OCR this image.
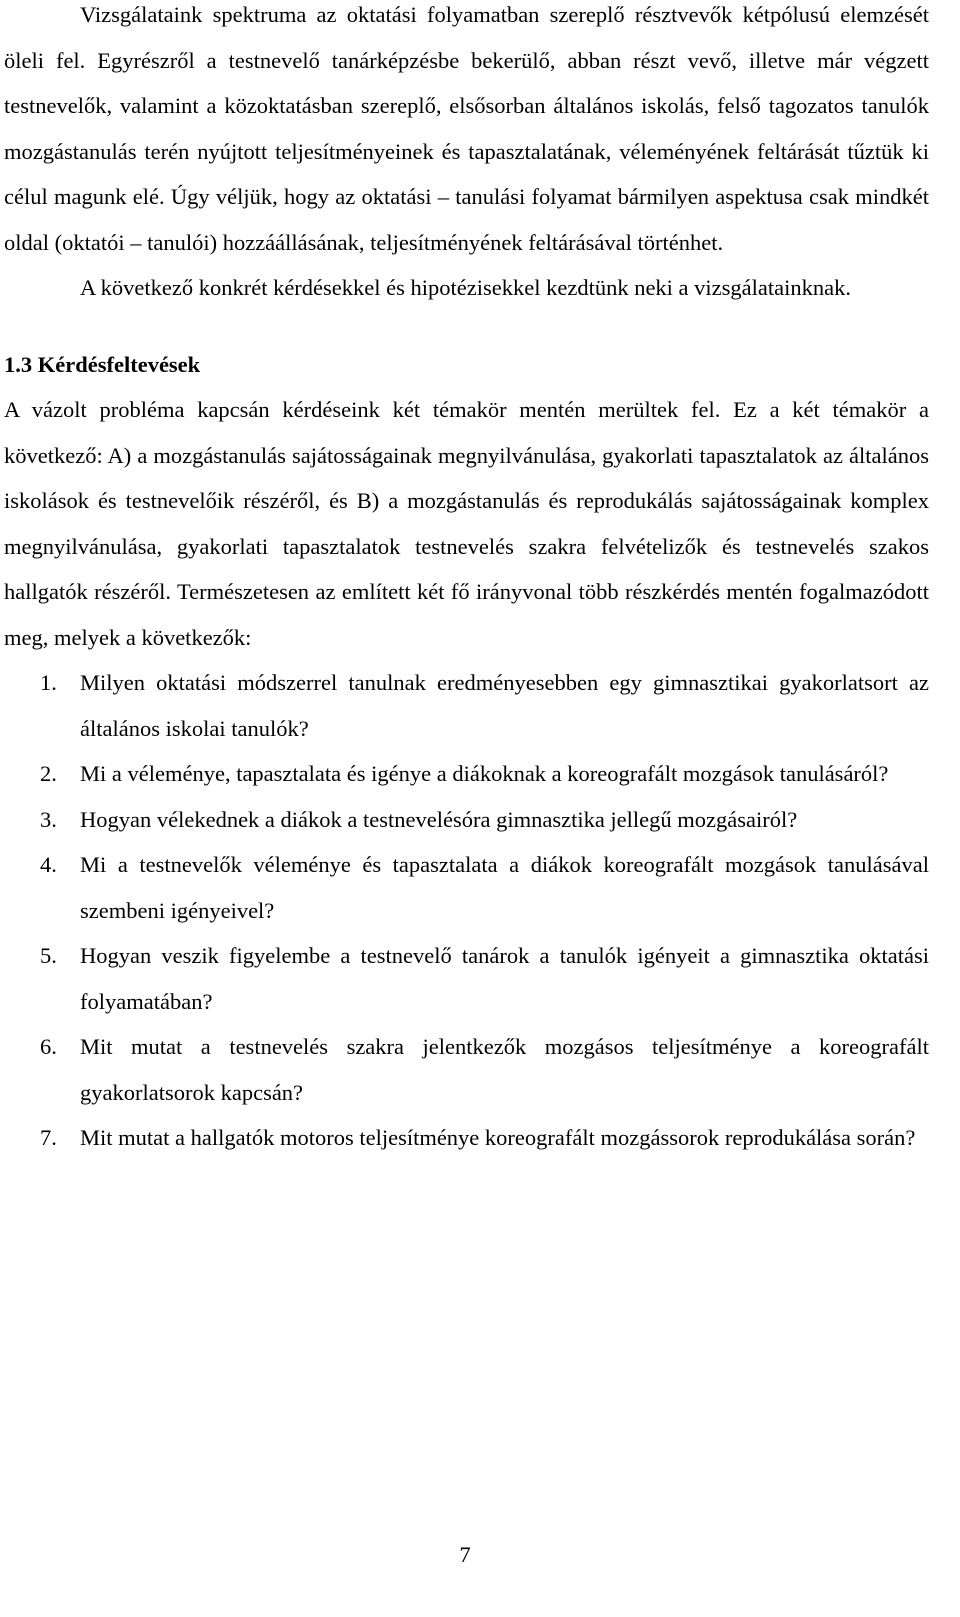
Vizsgálataink spektruma az oktatási folyamatban szereplő résztvevők kétpólusú elemzését öleli fel. Egyrészről a testnevelő tanárképzésbe bekerülő, abban részt vevő, illetve már végzett testnevelők, valamint a közoktatásban szereplő, elsősorban általános iskolás, felső tagozatos tanulók mozgástanulás terén nyújtott teljesítményeinek és tapasztalatának, véleményének feltárását tűztük ki célul magunk elé. Úgy véljük, hogy az oktatási – tanulási folyamat bármilyen aspektusa csak mindkét oldal (oktatói – tanulói) hozzáállásának, teljesítményének feltárásával történhet.

A következő konkrét kérdésekkel és hipotézisekkel kezdtünk neki a vizsgálatainknak.

1.3 Kérdésfeltevések

A vázolt probléma kapcsán kérdéseink két témakör mentén merültek fel. Ez a két témakör a következő: A) a mozgástanulás sajátosságainak megnyilvánulása, gyakorlati tapasztalatok az általános iskolások és testnevelőik részéről, és B) a mozgástanulás és reprodukálás sajátosságainak komplex megnyilvánulása, gyakorlati tapasztalatok testnevelés szakra felvételizők és testnevelés szakos hallgatók részéről. Természetesen az említett két fő irányvonal több részkérdés mentén fogalmazódott meg, melyek a következők:

1. Milyen oktatási módszerrel tanulnak eredményesebben egy gimnasztikai gyakorlatsort az általános iskolai tanulók?
2. Mi a véleménye, tapasztalata és igénye a diákoknak a koreografált mozgások tanulásáról?
3. Hogyan vélekednek a diákok a testnevelésóra gimnasztika jellegű mozgásairól?
4. Mi a testnevelők véleménye és tapasztalata a diákok koreografált mozgások tanulásával szembeni igényeivel?
5. Hogyan veszik figyelembe a testnevelő tanárok a tanulók igényeit a gimnasztika oktatási folyamatában?
6. Mit mutat a testnevelés szakra jelentkezők mozgásos teljesítménye a koreografált gyakorlatsorok kapcsán?
7. Mit mutat a hallgatók motoros teljesítménye koreografált mozgássorok reprodukálása során?
7
